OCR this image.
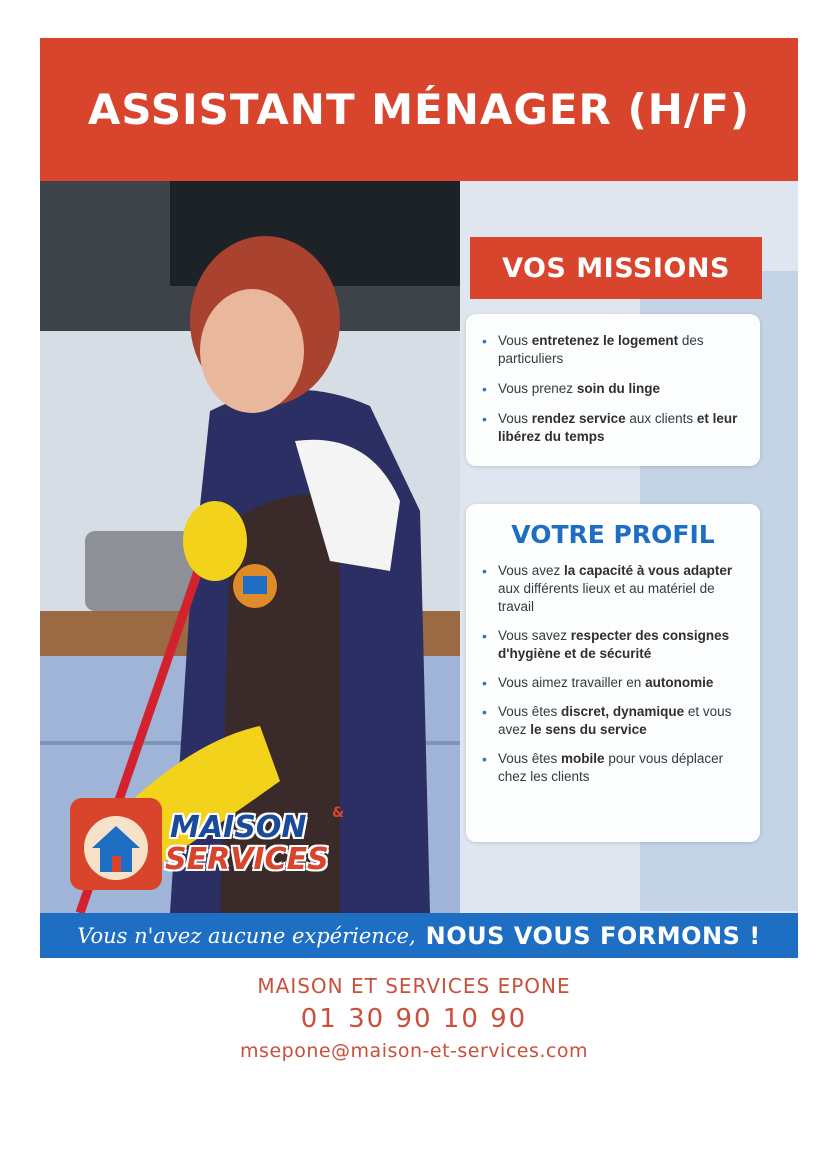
ASSISTANT MÉNAGER (H/F)
VOS MISSIONS
• Vous entretenez le logement des particuliers
• Vous prenez soin du linge
• Vous rendez service aux clients et leur libérez du temps
VOTRE PROFIL
• Vous avez la capacité à vous adapter aux différents lieux et au matériel de travail
• Vous savez respecter des consignes d'hygiène et de sécurité
• Vous aimez travailler en autonomie
• Vous êtes discret, dynamique et vous avez le sens du service
• Vous êtes mobile pour vous déplacer chez les clients
MAISON &
SERVICES
Vous n'avez aucune expérience, NOUS VOUS FORMONS !
MAISON ET SERVICES EPONE
01 30 90 10 90
msepone@maison-et-services.com
